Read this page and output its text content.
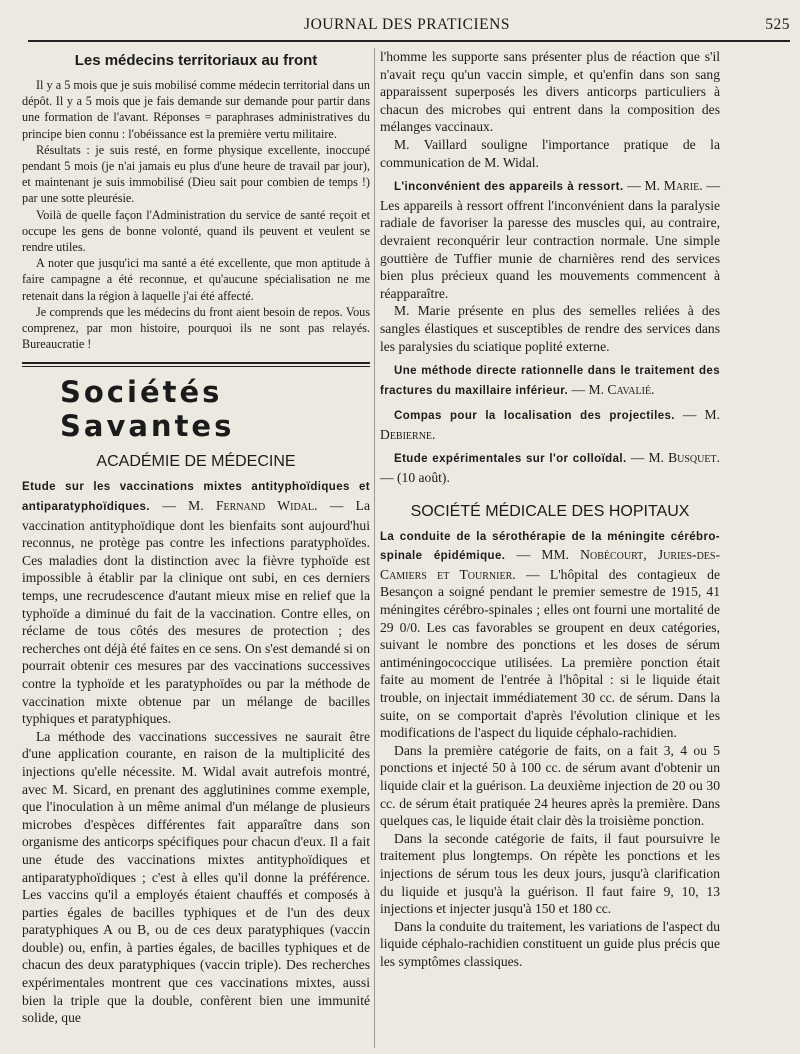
JOURNAL DES PRATICIENS	525
Les médecins territoriaux au front

Il y a 5 mois que je suis mobilisé comme médecin territorial dans un dépôt. Il y a 5 mois que je fais demande sur demande pour partir dans une formation de l'avant. Réponses = paraphrases administratives du principe bien connu : l'obéissance est la première vertu militaire.

Résultats : je suis resté, en forme physique excellente, inoccupé pendant 5 mois (je n'ai jamais eu plus d'une heure de travail par jour), et maintenant je suis immobilisé (Dieu sait pour combien de temps !) par une sotte pleurésie.

Voilà de quelle façon l'Administration du service de santé reçoit et occupe les gens de bonne volonté, quand ils peuvent et veulent se rendre utiles.

A noter que jusqu'ici ma santé a été excellente, que mon aptitude à faire campagne a été reconnue, et qu'aucune spécialisation ne me retenait dans la région à laquelle j'ai été affecté.

Je comprends que les médecins du front aient besoin de repos. Vous comprenez, par mon histoire, pourquoi ils ne sont pas relayés. Bureaucratie !

Sociétés Savantes
ACADÉMIE DE MÉDECINE

Etude sur les vaccinations mixtes antityphoïdiques et antiparatyphoïdiques. — M. Fernand Widal. — La vaccination antityphoïdique dont les bienfaits sont aujourd'hui reconnus, ne protège pas contre les infections paratyphoïdes. Ces maladies dont la distinction avec la fièvre typhoïde est impossible à établir par la clinique ont subi, en ces derniers temps, une recrudescence d'autant mieux mise en relief que la typhoïde a diminué du fait de la vaccination. Contre elles, on réclame de tous côtés des mesures de protection ; des recherches ont déjà été faites en ce sens. On s'est demandé si on pourrait obtenir ces mesures par des vaccinations successives contre la typhoïde et les paratyphoïdes ou par la méthode de vaccination mixte obtenue par un mélange de bacilles typhiques et paratyphiques.

La méthode des vaccinations successives ne saurait être d'une application courante, en raison de la multiplicité des injections qu'elle nécessite. M. Widal avait autrefois montré, avec M. Sicard, en prenant des agglutinines comme exemple, que l'inoculation à un même animal d'un mélange de plusieurs microbes d'espèces différentes fait apparaître dans son organisme des anticorps spécifiques pour chacun d'eux. Il a fait une étude des vaccinations mixtes antityphoïdiques et antiparatyphoïdiques ; c'est à elles qu'il donne la préférence. Les vaccins qu'il a employés étaient chauffés et composés à parties égales de bacilles typhiques et de l'un des deux paratyphiques A ou B, ou de ces deux paratyphiques (vaccin double) ou, enfin, à parties égales, de bacilles typhiques et de chacun des deux paratyphiques (vaccin triple). Des recherches expérimentales montrent que ces vaccinations mixtes, aussi bien la triple que la double, confèrent bien une immunité solide, que

l'homme les supporte sans présenter plus de réaction que s'il n'avait reçu qu'un vaccin simple, et qu'enfin dans son sang apparaissent superposés les divers anticorps particuliers à chacun des microbes qui entrent dans la composition des mélanges vaccinaux.

M. Vaillard souligne l'importance pratique de la communication de M. Widal.

L'inconvénient des appareils à ressort. — M. Marie. — Les appareils à ressort offrent l'inconvénient dans la paralysie radiale de favoriser la paresse des muscles qui, au contraire, devraient reconquérir leur contraction normale. Une simple gouttière de Tuffier munie de charnières rend des services bien plus précieux quand les mouvements commencent à réapparaître.

M. Marie présente en plus des semelles reliées à des sangles élastiques et susceptibles de rendre des services dans les paralysies du sciatique poplité externe.

Une méthode directe rationnelle dans le traitement des fractures du maxillaire inférieur. — M. Cavalié.

Compas pour la localisation des projectiles. — M. Debierne.

Etude expérimentales sur l'or colloïdal. — M. Busquet. — (10 août).

SOCIÉTÉ MÉDICALE DES HOPITAUX

La conduite de la sérothérapie de la méningite cérébro-spinale épidémique. — MM. Nobécourt, Juries-des-Camiers et Tournier. — L'hôpital des contagieux de Besançon a soigné pendant le premier semestre de 1915, 41 méningites cérébro-spinales ; elles ont fourni une mortalité de 29 0/0. Les cas favorables se groupent en deux catégories, suivant le nombre des ponctions et les doses de sérum antiméningococcique utilisées. La première ponction était faite au moment de l'entrée à l'hôpital : si le liquide était trouble, on injectait immédiatement 30 cc. de sérum. Dans la suite, on se comportait d'après l'évolution clinique et les modifications de l'aspect du liquide céphalo-rachidien.

Dans la première catégorie de faits, on a fait 3, 4 ou 5 ponctions et injecté 50 à 100 cc. de sérum avant d'obtenir un liquide clair et la guérison. La deuxième injection de 20 ou 30 cc. de sérum était pratiquée 24 heures après la première. Dans quelques cas, le liquide était clair dès la troisième ponction.

Dans la seconde catégorie de faits, il faut poursuivre le traitement plus longtemps. On répète les ponctions et les injections de sérum tous les deux jours, jusqu'à clarification du liquide et jusqu'à la guérison. Il faut faire 9, 10, 13 injections et injecter jusqu'à 150 et 180 cc.

Dans la conduite du traitement, les variations de l'aspect du liquide céphalo-rachidien constituent un guide plus précis que les symptômes classiques.
